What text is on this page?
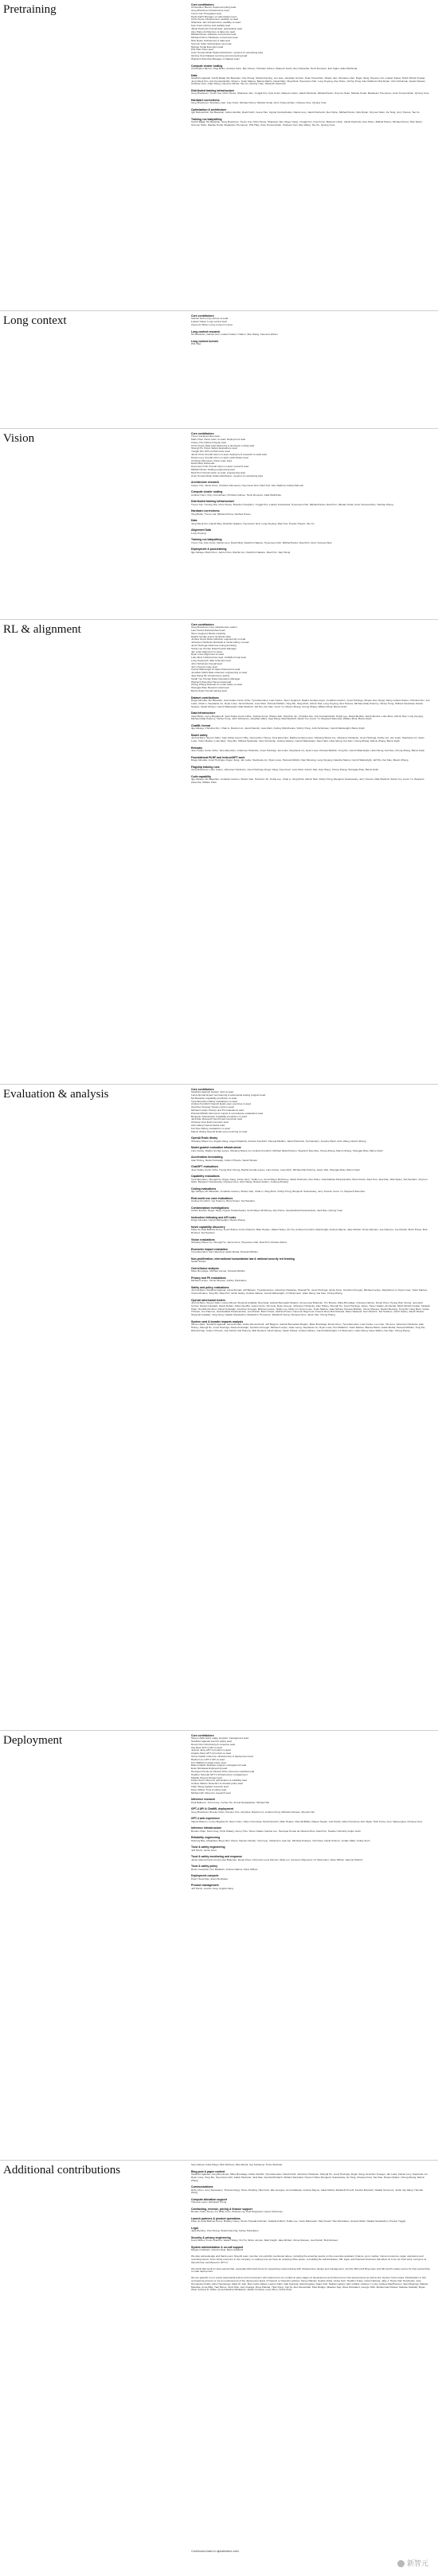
Pretraining	Core contributors
Christopher Berner Supercomputing lead
Greg Brockman Infrastructure lead
Trevor Cai Throughput lead
David Farhi Manager of optimization team
Chris Hesse Infrastructure usability co-lead
Shantanu Jain Infrastructure usability co-lead
Kyle Kosic Uptime and stability lead
Jakub Pachocki Overall lead, optimization lead
Alex Paino Architecture & data vice lead
Mikhail Pavlov Software correctness lead
Michael Petrov Hardware correctness lead
Nick Ryder Architecture & data lead
Szymon Sidor Optimization vice lead
Nikolas Tezak Execution lead
Phil Tillet Triton lead
Amin Tootoonchian Model distribution, systems & networking lead
Qiming Yuan Dataset sourcing and processing lead
Wojciech Zaremba Manager of dataset team
Compute cluster scaling
Christopher Berner, Oleg Boiko, Andrew Cann, Ben Chess, Christian Gibson, Mateusz Litwin, Emy Parparita, Henri Roussez, Eric Sigler, Akila Welihinda
Data
Sandhini Agarwal, Suchir Balaji, Mo Bavarian, Che Chang, Sheila Dunning, Leo Gao, Jonathan Gordon, Peter Hoeschele, Shawn Jain, Shantanu Jain, Roger Jiang, Heewoo Jun, Łukasz Kaiser, Nitish Shirish Keskar, Jong Wook Kim, Aris Konstantinidis, Chak Li, Todor Markov, Bianca Martin, David Mély, Oleg Murk, Hyeonwoo Noh, Long Ouyang, Alex Paino, Vitchyr Pong, Alec Radford, Nick Ryder, John Schulman, Daniel Selsam, Chelsea Voss, Lilian Weng, Clemens Winter, Tao Xu, Qiming Yuan, Wojciech Zaremba
Distributed training infrastructure
Greg Brockman, Trevor Cai, Chris Hesse, Shantanu Jain, Yongjik Kim, Kyle Kosic, Mateusz Litwin, Jakub Pachocki, Mikhail Pavlov, Szymon Sidor, Nikolas Tezak, Madeleine Thompson, Amin Tootoonchian, Qiming Yuan
Hardware correctness
Greg Brockman, Shantanu Jain, Kyle Kosic, Michael Petrov, Nikolas Tezak, Amin Tootoonchian, Chelsea Voss, Qiming Yuan
Optimization & architecture
Igor Babuschkin, Mo Bavarian, Adrien Ecoffet, David Farhi, Jesse Han, Ingmar Kanitscheider, Daniel Levy, Jakub Pachocki, Alex Paino, Mikhail Pavlov, Nick Ryder, Szymon Sidor, Jie Tang, Jerry Tworek, Tao Xu
Training run babysitting
Suchir Balaji, Mo Bavarian, Greg Brockman, Trevor Cai, Chris Hesse, Shantanu Jain, Roger Jiang, Yongjik Kim, Kyle Kosic, Mateusz Litwin, Jakub Pachocki, Alex Paino, Mikhail Pavlov, Michael Petrov, Nick Ryder, Szymon Sidor, Nikolas Tezak, Madeleine Thompson, Phil Tillet, Amin Tootoonchian, Chelsea Voss, Ben Wang, Tao Xu, Qiming Yuan
Long context	Core contributors
Gabriel Goh Long context co-lead
Łukasz Kaiser Long context lead
Clemens Winter Long context co-lead
Long context research
Mo Bavarian, Gabriel Goh, Łukasz Kaiser, Chak Li, Ben Wang, Clemens Winter
Long context kernels
Phil Tillet
Vision	Core contributors
Trevor Cai Execution lead
Mark Chen Vision team co-lead, Deployment lead
Casey Chu Initial prototype lead
Chris Hesse Data load balancing & developer tooling lead
Shengli Hu Vision Safety Evaluations lead
Yongjik Kim GPU performance lead
Jamie Kiros Overall vision co-lead, deployment research & evals lead
Daniel Levy Overall vision co-lead, optimization lead
Christine McLeavey Vision team lead
David Mély Data lead
Hyeonwoo Noh Overall vision co-lead, research lead
Mikhail Pavlov Scaling engineering lead
Raul Puri Overall vision co-lead, engineering lead
Amin Tootoonchian Model distribution, systems & networking lead
Architecture research
Casey Chu, Jamie Kiros, Christine McLeavey, Hyeonwoo Noh, Raul Puri, Alec Radford, Aditya Ramesh
Compute cluster scaling
Andrew Cann, Rory Carmichael, Christian Gibson, Henri Roussez, Akila Welihinda
Distributed training infrastructure
Trevor Cai, Yunxing Dai, Chris Hesse, Brandon Houghton, Yongjik Kim, Łukasz Kondraciuk, Hyeonwoo Noh, Mikhail Pavlov, Raul Puri, Nikolas Tezak, Amin Tootoonchian, Tianhao Zheng
Hardware correctness
Oleg Boiko, Trevor Cai, Michael Petrov, Alethea Power
Data
Jong Wook Kim, David Mély, Reiichiro Nakano, Hyeonwoo Noh, Long Ouyang, Raul Puri, Pranav Shyam, Tao Xu
Alignment Data
Long Ouyang
Training run babysitting
Trevor Cai, Kyle Kosic, Daniel Levy, David Mély, Reiichiro Nakano, Hyeonwoo Noh, Mikhail Pavlov, Raul Puri, Amin Tootoonchian
Deployment & post-training
Ilge Akkaya, Mark Chen, Jamie Kiros, Rachel Lim, Reiichiro Nakano, Raul Puri, Jiayi Weng
RL & alignment	Core contributors
Greg Brockman Core infrastructure author
Liam Fedus Data flywheel lead
Tarun Gogineni Model creativity
Rapha Gontijo-Lopes Synthetic data
Joshua Gross Data collection engineering co-lead
Johannes Heidecke Refusals & model safety co-lead
Joost Huizinga Initial fine-tuning derisking
Teddy Lee Human Data Product Manager
Jan Leike Alignment co-lead
Ryan Lowe Alignment co-lead
Luke Metz Infrastructure lead, ChatML format lead
Long Ouyang IF data collection lead
John Schulman Overall lead
Jerry Tworek Code lead
Carroll Wainwright IF data infrastructure lead
Jonathan Ward Data collection engineering co-lead
Jiayi Weng RL Infrastructure author
Sarah Yoo Human Data Operations Manager
Wojciech Zaremba Human data lead
Chong Zhang Refusals & model safety co-lead
Shengjia Zhao Reward model lead
Barret Zoph Overall training lead
Dataset contributions
Diogo Almeida, Mo Bavarian, Juan Felipe Cerón Uribe, Tyna Eloundou, Liam Fedus, Tarun Gogineni, Rapha Gontijo-Lopes, Jonathan Gordon, Joost Huizinga, Shawn Jain, Roger Jiang, Łukasz Kaiser, Christina Kim, Jan Leike, Chak Li, Stephanie Lin, Ryan Lowe, Jacob Menick, Luke Metz, Pamela Mishkin, Tong Mu, Oleg Murk, Ashvin Nair, Long Ouyang, Alex Passos, Michael (Rai) Pokorny, Vitchyr Pong, Shibani Santurkar, Daniel Selsam, Sarah Shoker, Carroll Wainwright, Matt Wiethoff, Jeff Wu, Kai Xiao, Kevin Yu, Marvin Zhang, Chong Zhang, William Zhuk, Barret Zoph
Data infrastructure
Irwan Bello, Lenny Bogdonoff, Juan Felipe Cerón Uribe, Joshua Gross, Shawn Jain, Haozhun Jin, Christina Kim, Aris Konstantinidis, Teddy Lee, David Medina, Jacob Menick, Luke Metz, Ashvin Nair, Long Ouyang, Michael (Rai) Pokorny, Vitchyr Pong, John Schulman, Jonathan Ward, Jiayi Weng, Matt Wiethoff, Sarah Yoo, Kevin Yu, Wojciech Zaremba, William Zhuk, Barret Zoph
ChatML format
Ilge Akkaya, Christina Kim, Chak Li, Rachel Lim, Jacob Menick, Luke Metz, Andrey Mishchenko, Vitchyr Pong, John Schulman, Carroll Wainwright, Barret Zoph
Model safety
Josh Achiam, Steven Adler, Juan Felipe Cerón Uribe, Hyung Won Chung, Tyna Eloundou, Rapha Gontijo-Lopes, Shixiang Shane Gu, Johannes Heidecke, Joost Huizinga, Teddy Lee, Jan Leike, Stephanie Lin, Ryan Lowe, Todor Markov, Luke Metz, Tong Mu, Shibani Santurkar, John Schulman, Andrea Vallone, Carroll Wainwright, Jason Wei, Lilian Weng, Kai Xiao, Chong Zhang, Marvin Zhang, Barret Zoph
Refusals
Juan Felipe Cerón Uribe, Tyna Eloundou, Johannes Heidecke, Joost Huizinga, Jan Leike, Stephanie Lin, Ryan Lowe, Pamela Mishkin, Tong Mu, Carroll Wainwright, Lilian Weng, Kai Xiao, Chong Zhang, Barret Zoph
Foundational RLHF and InstructGPT work
Diogo Almeida, Joost Huizinga, Roger Jiang, Jan Leike, Stephanie Lin, Ryan Lowe, Pamela Mishkin, Dan Mossing, Long Ouyang, Katarina Slama, Carroll Wainwright, Jeff Wu, Kai Xiao, Marvin Zhang
Flagship training runs
Greg Brockman, Liam Fedus, Johannes Heidecke, Joost Huizinga, Roger Jiang, Kyle Kosic, Luke Metz, Ashvin Nair, Jiayi Weng, Chong Zhang, Shengjia Zhao, Barret Zoph
Code capability
Ilge Akkaya, Mo Bavarian, Jonathan Gordon, Shawn Jain, Haozhun Jin, Teddy Lee, Chak Li, Oleg Murk, Ashvin Nair, Vitchyr Pong, Benjamin Sokolowsky, Jerry Tworek, Matt Wiethoff, Sarah Yoo, Kevin Yu, Wojciech Zaremba, William Zhuk
Evaluation & analysis	Core contributors
Sandhini Agarwal System card co-lead
Lama Ahmad Expert red teaming & adversarial testing program lead
Mo Bavarian Capability prediction co-lead
Tyna Eloundou Safety evaluations co-lead
Andrew Kondrich OpenAI Evals open-sourcing co-lead
Gretchen Krueger System card co-lead
Michael Lampe Privacy and PII evaluations lead
Pamela Mishkin Economic impact & overreliance evaluations lead
Benjamin Sokolowsky Capability prediction co-lead
Jack Rae Research benchmark execution lead
Chelsea Voss Eval execution lead
Alvin Wang OpenAI Evals lead
Kai Xiao Safety evaluations co-lead
Marvin Zhang OpenAI Evals open-sourcing co-lead
OpenAI Evals library
Shixiang Shane Gu, Angela Jiang, Logan Kilpatrick, Andrew Kondrich, Pamela Mishkin, Jakub Pachocki, Ted Sanders, Jessica Shieh, Alvin Wang, Marvin Zhang
Model-graded evaluation infrastructure
Liam Fedus, Rapha Gontijo-Lopes, Shixiang Shane Gu, Andrew Kondrich, Michael (Rai) Pokorny, Wojciech Zaremba, Chong Zhang, Marvin Zhang, Shengjia Zhao, Barret Zoph
Acceleration forecasting
Alan Hickey, Daniel Kokotajlo, Cullen O'Keefe, Sarah Shoker
ChatGPT evaluations
Juan Felipe Cerón Uribe, Hyung Won Chung, Rapha Gontijo-Lopes, Liam Fedus, Luke Metz, Michael Rai Pokorny, Jason Wei, Shengjia Zhao, Barret Zoph
Capability evaluations
Tyna Eloundou, Shengli Hu, Roger Jiang, Jamie Kiros, Teddy Lee, Scott Mayer McKinney, Jakub Pachocki, Alex Paino, Giambattista Parascandolo, Boris Power, Raul Puri, Jack Rae, Nick Ryder, Ted Sanders, Szymon Sidor, Benjamin Sokolowsky, Chelsea Voss, Alvin Wang, Rowan Zellers, Juntang Zhuang
Coding evaluations
Ilge Akkaya, Mo Bavarian, Jonathan Gordon, Shawn Jain, Chak Li, Oleg Murk, Vitchyr Pong, Benjamin Sokolowsky, Jerry Tworek, Kevin Yu, Wojciech Zaremba
Real-world use case evaluations
Andrew Kondrich, Joe Palermo, Boris Power, Ted Sanders
Contamination investigations
Adrien Ecoffet, Roger Jiang, Ingmar Kanitscheider, Scott Mayer McKinney, Alex Paino, Giambattista Parascandolo, Jack Rae, Qiming Yuan
Instruction following and API evals
Diogo Almeida, Carroll Wainwright, Marvin Zhang
Novel capability discovery
Filipe de Avila Belbute Peres, Kevin Button, Fotis Chantzis, Mike Heaton, Wade Hickey, Xin Hu, Andrew Kondrich, Matt Knight, Andrew Mayne, Jake McNeil, Vinnie Monaco, Joe Palermo, Joel Parish, Boris Power, Bob Rotsted, Ted Sanders
Vision evaluations
Shixiang Shane Gu, Shengli Hu, Jamie Kiros, Hyeonwoo Noh, Raul Puri, Rowan Zellers
Economic impact evaluation
Tyna Eloundou, Sam Manning, Aalok Mehta, Pamela Mishkin
Non-proliferation, international humanitarian law & national security red teaming
Sarah Shoker
Overreliance analysis
Miles Brundage, Michael Lampe, Pamela Mishkin
Privacy and PII evaluations
Michael Lampe, Vinnie Monaco, Ashley Pantuliano
Safety and policy evaluations
Josh Achiam, Sandhini Agarwal, Lama Ahmad, Jeff Belgum, Tyna Eloundou, Johannes Heidecke, Shengli Hu, Joost Huizinga, Jamie Kiros, Gretchen Krueger, Michael Lampe, Stephanie Lin, Ryan Lowe, Todor Markov, Vinnie Monaco, Tong Mu, Raul Puri, Girish Sastry, Andrea Vallone, Carroll Wainwright, CJ Weinmann, Lilian Weng, Kai Xiao, Chong Zhang
OpenAI adversarial testers
Josh Achiam, Steven Adler, Lama Ahmad, Shyamal Anadkat, Red Avila, Gabriel Bernadett-Shapiro, Anna-Luisa Brakman, Tim Brooks, Miles Brundage, Chelsea Carlson, Derek Chen, Hyung Won Chung, Jeremiah Currier, Daniel Kokotajlo, David Dohan, Adrien Ecoffet, Juston Forte, Vik Goel, Ryan Greene, Johannes Heidecke, Alan Hickey, Shengli Hu, Joost Huizinga, Janko, Tomer Kaftan, Ali Kamali, Nitish Shirish Keskar, Tabarak Khan, Hendrik Kirchner, Daniel Kokotajlo, Gretchen Krueger, Michael Lampe, Teddy Lee, Molly Lin, Ryan Lowe, Todor Markov, Jake McNeil, Pamela Mishkin, Vinnie Monaco, Daniel Mossing, Tong Mu, Oleg Murk, Cullen O'Keefe, Joe Palermo, Giambattista Parascandolo, Joel Parish, Boris Power, Alethea Power, Cameron Raymond, Francis Real, Bob Rotsted, Mario Salterelli, Sam Wolrich, Ted Sanders, Girish Sastry, Sarah Shoker, Shyamal Anadkat, Yang Song, Natalie Staudacher, Madeleine Thompson, Elizabeth Tseng, Chelsea Voss, Jason Wei, Chong Zhang
System card & broader impacts analysis
Steven Adler, Sandhini Agarwal, Lama Ahmad, Janko Altenschmidt, Jeff Belgum, Gabriel Bernadett-Shapiro, Miles Brundage, Derek Chen, Tyna Eloundou, Liam Fedus, Leo Gao, Vik Goel, Johannes Heidecke, Alan Hickey, Shengli Hu, Joost Huizinga, Daniel Kokotajlo, Gretchen Krueger, Michael Lampe, Jade Leung, Stephanie Lin, Ryan Lowe, Kim Malfacini, Todor Markov, Bianca Martin, Aalok Mehta, Pamela Mishkin, Tong Mu, Richard Ngo, Cullen O'Keefe, Joel Parish, Rai Pokorny, Bob Rotsted, Girish Sastry, Sarah Shoker, Andrea Vallone, Carroll Wainwright, CJ Weinmann, Lilian Weng, Dave Willner, Kai Xiao, Chong Zhang
Deployment	Core contributors
Steven Adler Early stage program management lead
Sandhini Agarwal Launch safety lead
Derek Chen Monitoring & response lead
Atty Eleti GPT-4 API co-lead
Joanne Jang GPT-4 product co-lead
Angela Jiang GPT-4 product co-lead
Tomer Kaftan Inference infrastructure & deployment lead
Rachel Lim GPT-4 API co-lead
Kim Malfacini Usage policy lead
Bianca Martin Release program management lead
Evan Morikawa Engineering lead
Henrique Ponde de Oliveira Pinto Inference workflow lead
Heather Schmidt GPT-4 infrastructure management
Maddie Simens Design lead
Felipe Such Inference optimization & reliability lead
Andrea Vallone Detection & refusals policy lead
Lilian Weng Applied research lead
Dave Willner Trust & safety lead
Michael Wu Inference research lead
Inference research
Paul Baltescu, Scott Gray, Yuchen He, Arvind Neelakantan, Michael Wu
GPT-4 API & ChatML deployment
Greg Brockman, Brooke Chan, Chester Cho, Atty Eleti, Rachel Lim, Andrew Peng, Michelle Pokrass, Sherwin Wu
GPT-4 web experience
Valerie Balcom, Lenny Bogdonoff, Jason Chen, Dave Cummings, Noah Deutsch, Mike Heaton, Paul McMillan, Rajeev Nayak, Joel Parish, Adam Perelman, Eric Sigler, Nick Turley, Arun Vijayvergiya, Chelsea Voss
Inference infrastructure
Brooke Chan, Scott Gray, Chris Hallacy, Kenny Hsu, Tomer Kaftan, Rachel Lim, Henrique Ponde de Oliveira Pinto, Raul Puri, Heather Schmidt, Felipe Such
Reliability engineering
Haiming Bao, Madelaine Boyd, Ben Chess, Damien Deville, Yufei Guo, Vishal Kuo, Ikai Lan, Michelle Pokrass, Carl Ross, David Schnurr, Jordan Sitkin, Felipe Such
Trust & safety engineering
Jeff Harris, Jamie Kiros
Trust & safety monitoring and response
Janko Altenschmidt, Anna-Luisa Brakman, Derek Chen, Florencia Leoni Aleman, Molly Lin, Cameron Raymond, CJ Weinmann, Dave Willner, Samuel Wolrich
Trust & safety policy
Rosie Campbell, Kim Malfacini, Andrea Vallone, Dave Willner
Deployment compute
Peter Hoeschele, Evan Morikawa
Product management
Jeff Harris, Joanne Jang, Angela Jiang
Additional contributions	Sam Altman, Katie Mayer, Bob McGrew, Mira Murati, Ilya Sutskever, Peter Welinder
Blog post & paper content
Sandhini Agarwal, Greg Brockman, Miles Brundage, Adrien Ecoffet, Tyna Eloundou, David Farhi, Johannes Heidecke, Shengli Hu, Joost Huizinga, Roger Jiang, Gretchen Krueger, Jan Leike, Daniel Levy, Stephanie Lin, Ryan Lowe, Tong Mu, Hyeonwoo Noh, Jakub Pachocki, Jack Rae, Kendra Rimbach, Shibani Santurkar, Szymon Sidor, Benjamin Sokolowsky, Jie Tang, Chelsea Voss, Kai Xiao, Rowan Zellers, Chong Zhang, Marvin Zhang
Communications
Ruby Chen, Cory Decareaux, Thomas Degry, Steve Dowling, Niko Felix, Elie Georges, Anna Makanju, Andrew Mayne, Aalok Mehta, Elizabeth Proehl, Kendra Rimbach, Natalie Summers, Justin Jay Wang, Hannah Wong
Compute allocation support
Theresa Lopez, Elizabeth Tseng
Contracting, revenue, pricing & finance support
Brooke Chan, Denny Jin, Billie Jonn, Patricia Lue, Kyla Sheppard, Lauren Workman
Launch partners & product operations
Filipe de Avila Belbute Peres, Brittany Carey, Simón Posada Fishman, Isabella Fulford, Teddy Lee, Yaniv Markovski, Tolly Powell, Toki Sherbakov, Jessica Shieh, Natalie Staudacher, Preston Tuggle
Legal
Jake Berdine, Che Chang, Sheila Dunning, Ashley Pantuliano
Security & privacy engineering
Kevin Button, Fotis Chantzis, Wade Hickey, Xin Hu, Shino Jomoto, Matt Knight, Jake McNeil, Vinnie Monaco, Joel Parish, Bob Rotsted
System administration & on-call support
Morgan Grafstein, Francis Real, Mario Saltarelli
We also acknowledge and thank every OpenAI team member not explicitly mentioned above, including the amazing people on the executive assistant, finance, go to market, human resources, legal, operations and recruiting teams. From hiring everyone in the company, to making sure we have an amazing office space, to building the administrative, HR, legal, and financial structures that allow us to do our best work, everyone at OpenAI has contributed to GPT-4.
We thank Microsoft for their partnership, especially Microsoft Azure for supporting model training with infrastructure design and management, and the Microsoft Bing team and Microsoft's safety teams for their partnership on safe deployment.
We are grateful to our expert adversarial testers and red teamers who helped test our models at early stages of development and informed our risk assessments as well as the System Card output. Participation in this red teaming process is not an endorsement of the deployment plans of OpenAI or OpenAI's policies: Steven Basart, Sophie Duba, Cèsar Ferri, Heather Frase, Gavin Hartnett, Jake J. Hecla, Dan Hendrycks, Jose Hernandez-Orallo, Alice Hunsberger, Rajiv W. Jain, Boru Gollo Jattani, Lauren Kahn, Dan Kaszeta, Sara Kingsley, Noam Kolt, Nathan Labenz, Eric Liddick, Andrew J. Lohn, Andrew MacPherson, Sam Manning, Mantas Mazeika, Anna Mills, Yael Moros, Jimin Mun, Aviv Ovadya, Roya Pakzad, Yifan Peng, Ciel Qi, Alex Rosenblatt, Paul Röttger, Maarten Sap, Wout Schellaert, George Shih, Muhammad Shoker, Melanie Subbiah, Bryan West, Andrew D. White, Anna Katariina Wisakanto, Akhila Yerukola, Lexin Zhou, Xuhui Zhou.
Contributors listed in alphabetized order.
新智元
